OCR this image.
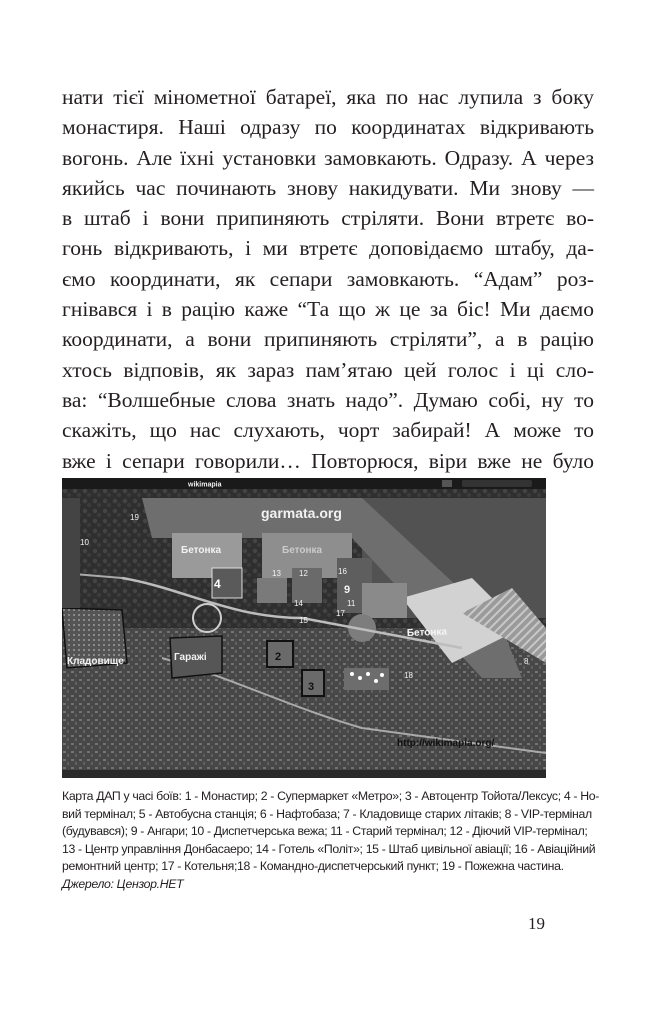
нати тієї мінометної батареї, яка по нас лупила з боку
монастиря. Наші одразу по координатах відкривають
вогонь. Але їхні установки замовкають. Одразу. А через
якийсь час починають знову накидувати. Ми знову —
в штаб і вони припиняють стріляти. Вони втретє во-
гонь відкривають, і ми втретє доповідаємо штабу, да-
ємо координати, як сепари замовкають. “Адам” роз-
гнівався і в рацію каже “Та що ж це за біс! Ми даємо
координати, а вони припиняють стріляти”, а в рацію
хтось відповів, як зараз пам’ятаю цей голос і ці сло-
ва: “Волшебные слова знать надо”. Думаю собі, ну то
скажіть, що нас слухають, чорт забирай! А може то
вже і сепари говорили… Повторюся, віри вже не було
wikimapia
garmata.org
Бетонка	Бетонка
Бетонка
Гаражі
Кладовище
19
10
4
13 12	16
9
14
17
15
11
2
3
18
8
http://wikimapia.org/
Карта ДАП у часі боїв: 1 - Монастир; 2 - Супермаркет «Метро»; 3 - Автоцентр Тойота/Лексус; 4 - Но-
вий термінал; 5 - Автобусна станція; 6 - Нафтобаза; 7 - Кладовище старих літаків; 8 - VIP-термінал
(будувався); 9 - Ангари; 10 - Диспетчерська вежа; 11 - Старий термінал; 12 - Діючий VIP-термінал;
13 - Центр управління Донбасаеро; 14 - Готель «Політ»; 15 - Штаб цивільної авіації; 16 - Авіаційний
ремонтний центр; 17 - Котельня;18 - Командно-диспетчерський пункт; 19 - Пожежна частина.
Джерело: Цензор.НЕТ
19
